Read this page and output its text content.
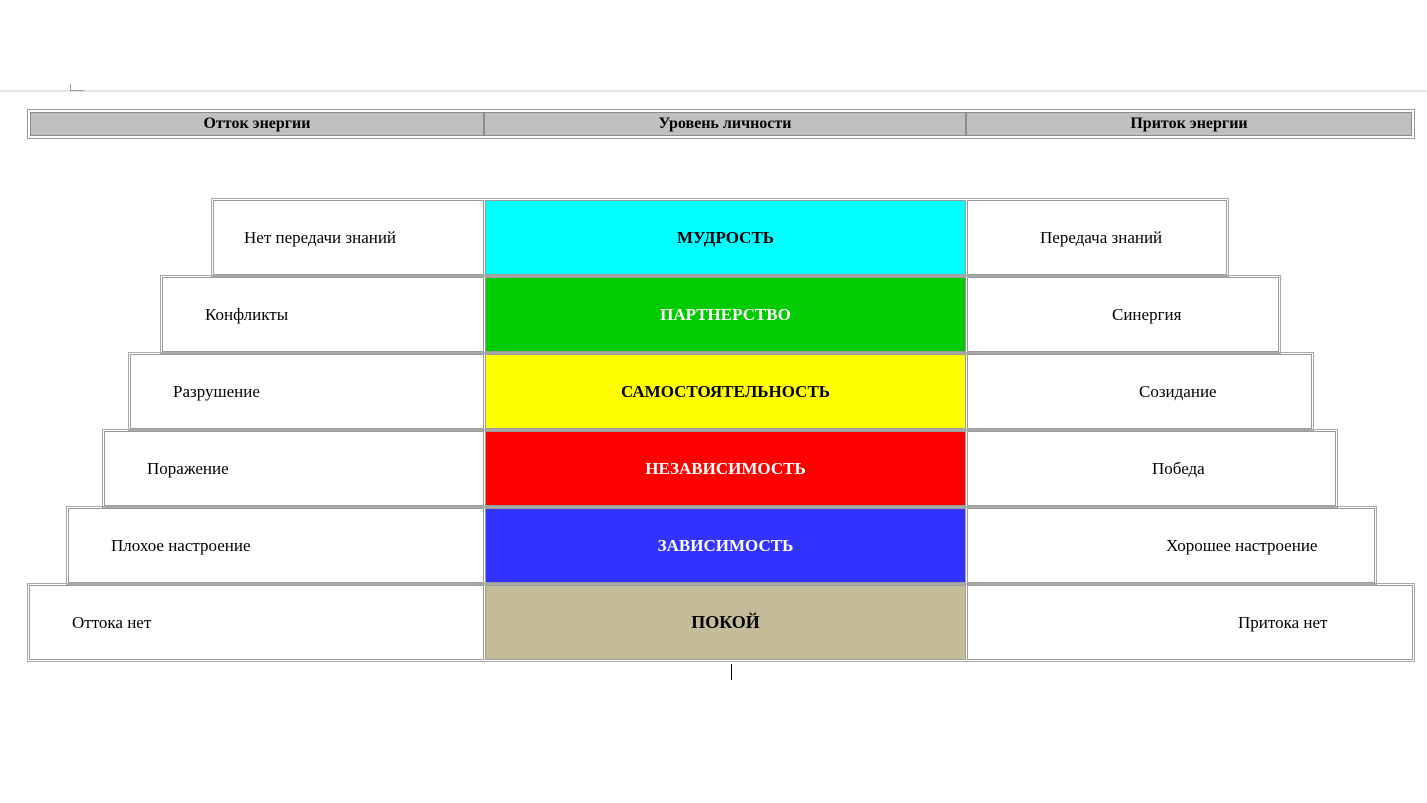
Отток энергии	Уровень личности	Приток энергии
Нет передачи знаний	МУДРОСТЬ	Передача знаний
Конфликты	ПАРТНЕРСТВО	Синергия
Разрушение	САМОСТОЯТЕЛЬНОСТЬ	Созидание
Поражение	НЕЗАВИСИМОСТЬ	Победа
Плохое настроение	ЗАВИСИМОСТЬ	Хорошее настроение
Оттока нет	ПОКОЙ	Притока нет
